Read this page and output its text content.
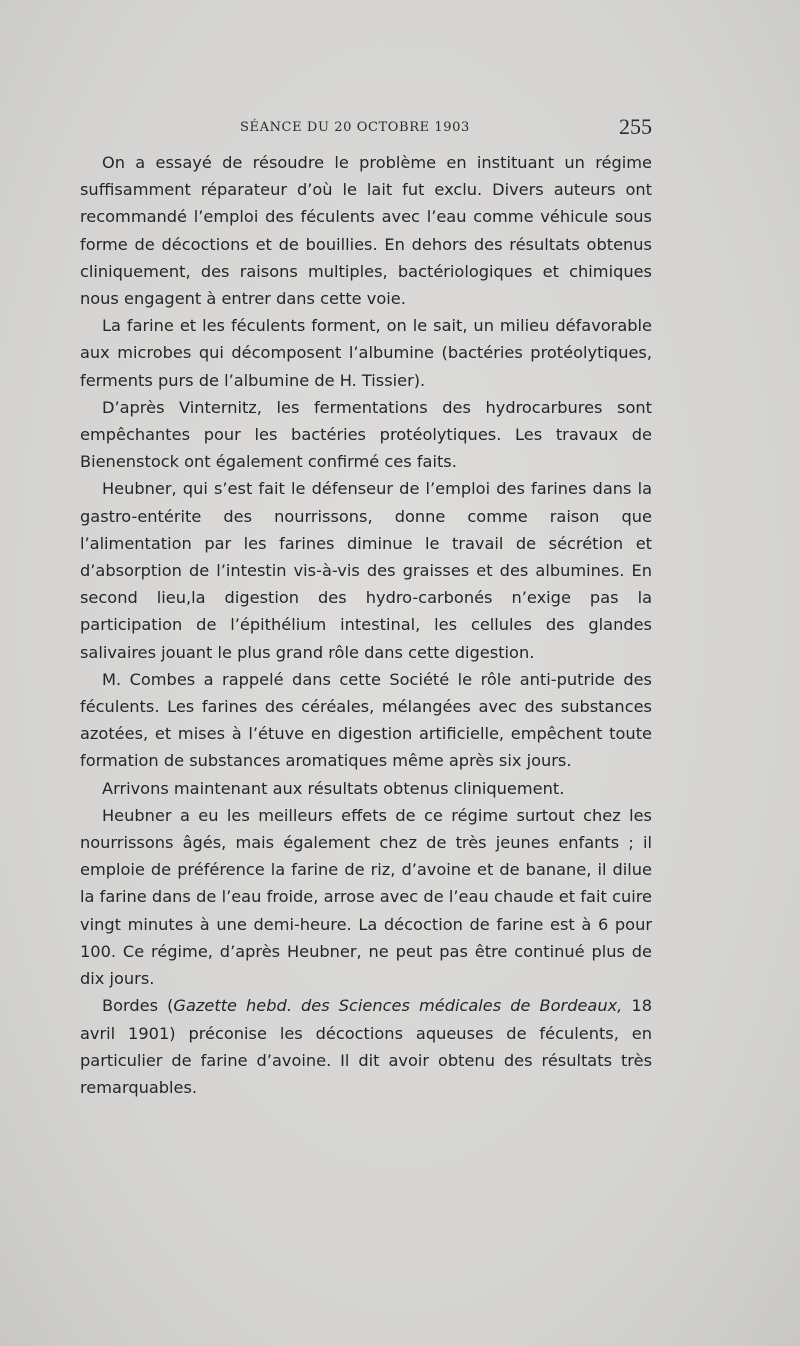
SÉANCE DU 20 OCTOBRE 1903	255

On a essayé de résoudre le problème en instituant un régime suffisamment réparateur d’où le lait fut exclu. Divers auteurs ont recommandé l’emploi des féculents avec l’eau comme véhicule sous forme de décoctions et de bouillies. En dehors des résultats obtenus cliniquement, des raisons multiples, bactériologiques et chimiques nous engagent à entrer dans cette voie.

La farine et les féculents forment, on le sait, un milieu défavorable aux microbes qui décomposent l’albumine (bactéries protéolytiques, ferments purs de l’albumine de H. Tissier).

D’après Vinternitz, les fermentations des hydrocarbures sont empêchantes pour les bactéries protéolytiques. Les travaux de Bienenstock ont également confirmé ces faits.

Heubner, qui s’est fait le défenseur de l’emploi des farines dans la gastro-entérite des nourrissons, donne comme raison que l’alimentation par les farines diminue le travail de sécrétion et d’absorption de l’intestin vis-à-vis des graisses et des albumines. En second lieu,la digestion des hydro-carbonés n’exige pas la participation de l’épithélium intestinal, les cellules des glandes salivaires jouant le plus grand rôle dans cette digestion.

M. Combes a rappelé dans cette Société le rôle anti-putride des féculents. Les farines des céréales, mélangées avec des substances azotées, et mises à l’étuve en digestion artificielle, empêchent toute formation de substances aromatiques même après six jours.

Arrivons maintenant aux résultats obtenus cliniquement.

Heubner a eu les meilleurs effets de ce régime surtout chez les nourrissons âgés, mais également chez de très jeunes enfants ; il emploie de préférence la farine de riz, d’avoine et de banane, il dilue la farine dans de l’eau froide, arrose avec de l’eau chaude et fait cuire vingt minutes à une demi-heure. La décoction de farine est à 6 pour 100. Ce régime, d’après Heubner, ne peut pas être continué plus de dix jours.

Bordes (Gazette hebd. des Sciences médicales de Bordeaux, 18 avril 1901) préconise les décoctions aqueuses de féculents, en particulier de farine d’avoine. Il dit avoir obtenu des résultats très remarquables.
